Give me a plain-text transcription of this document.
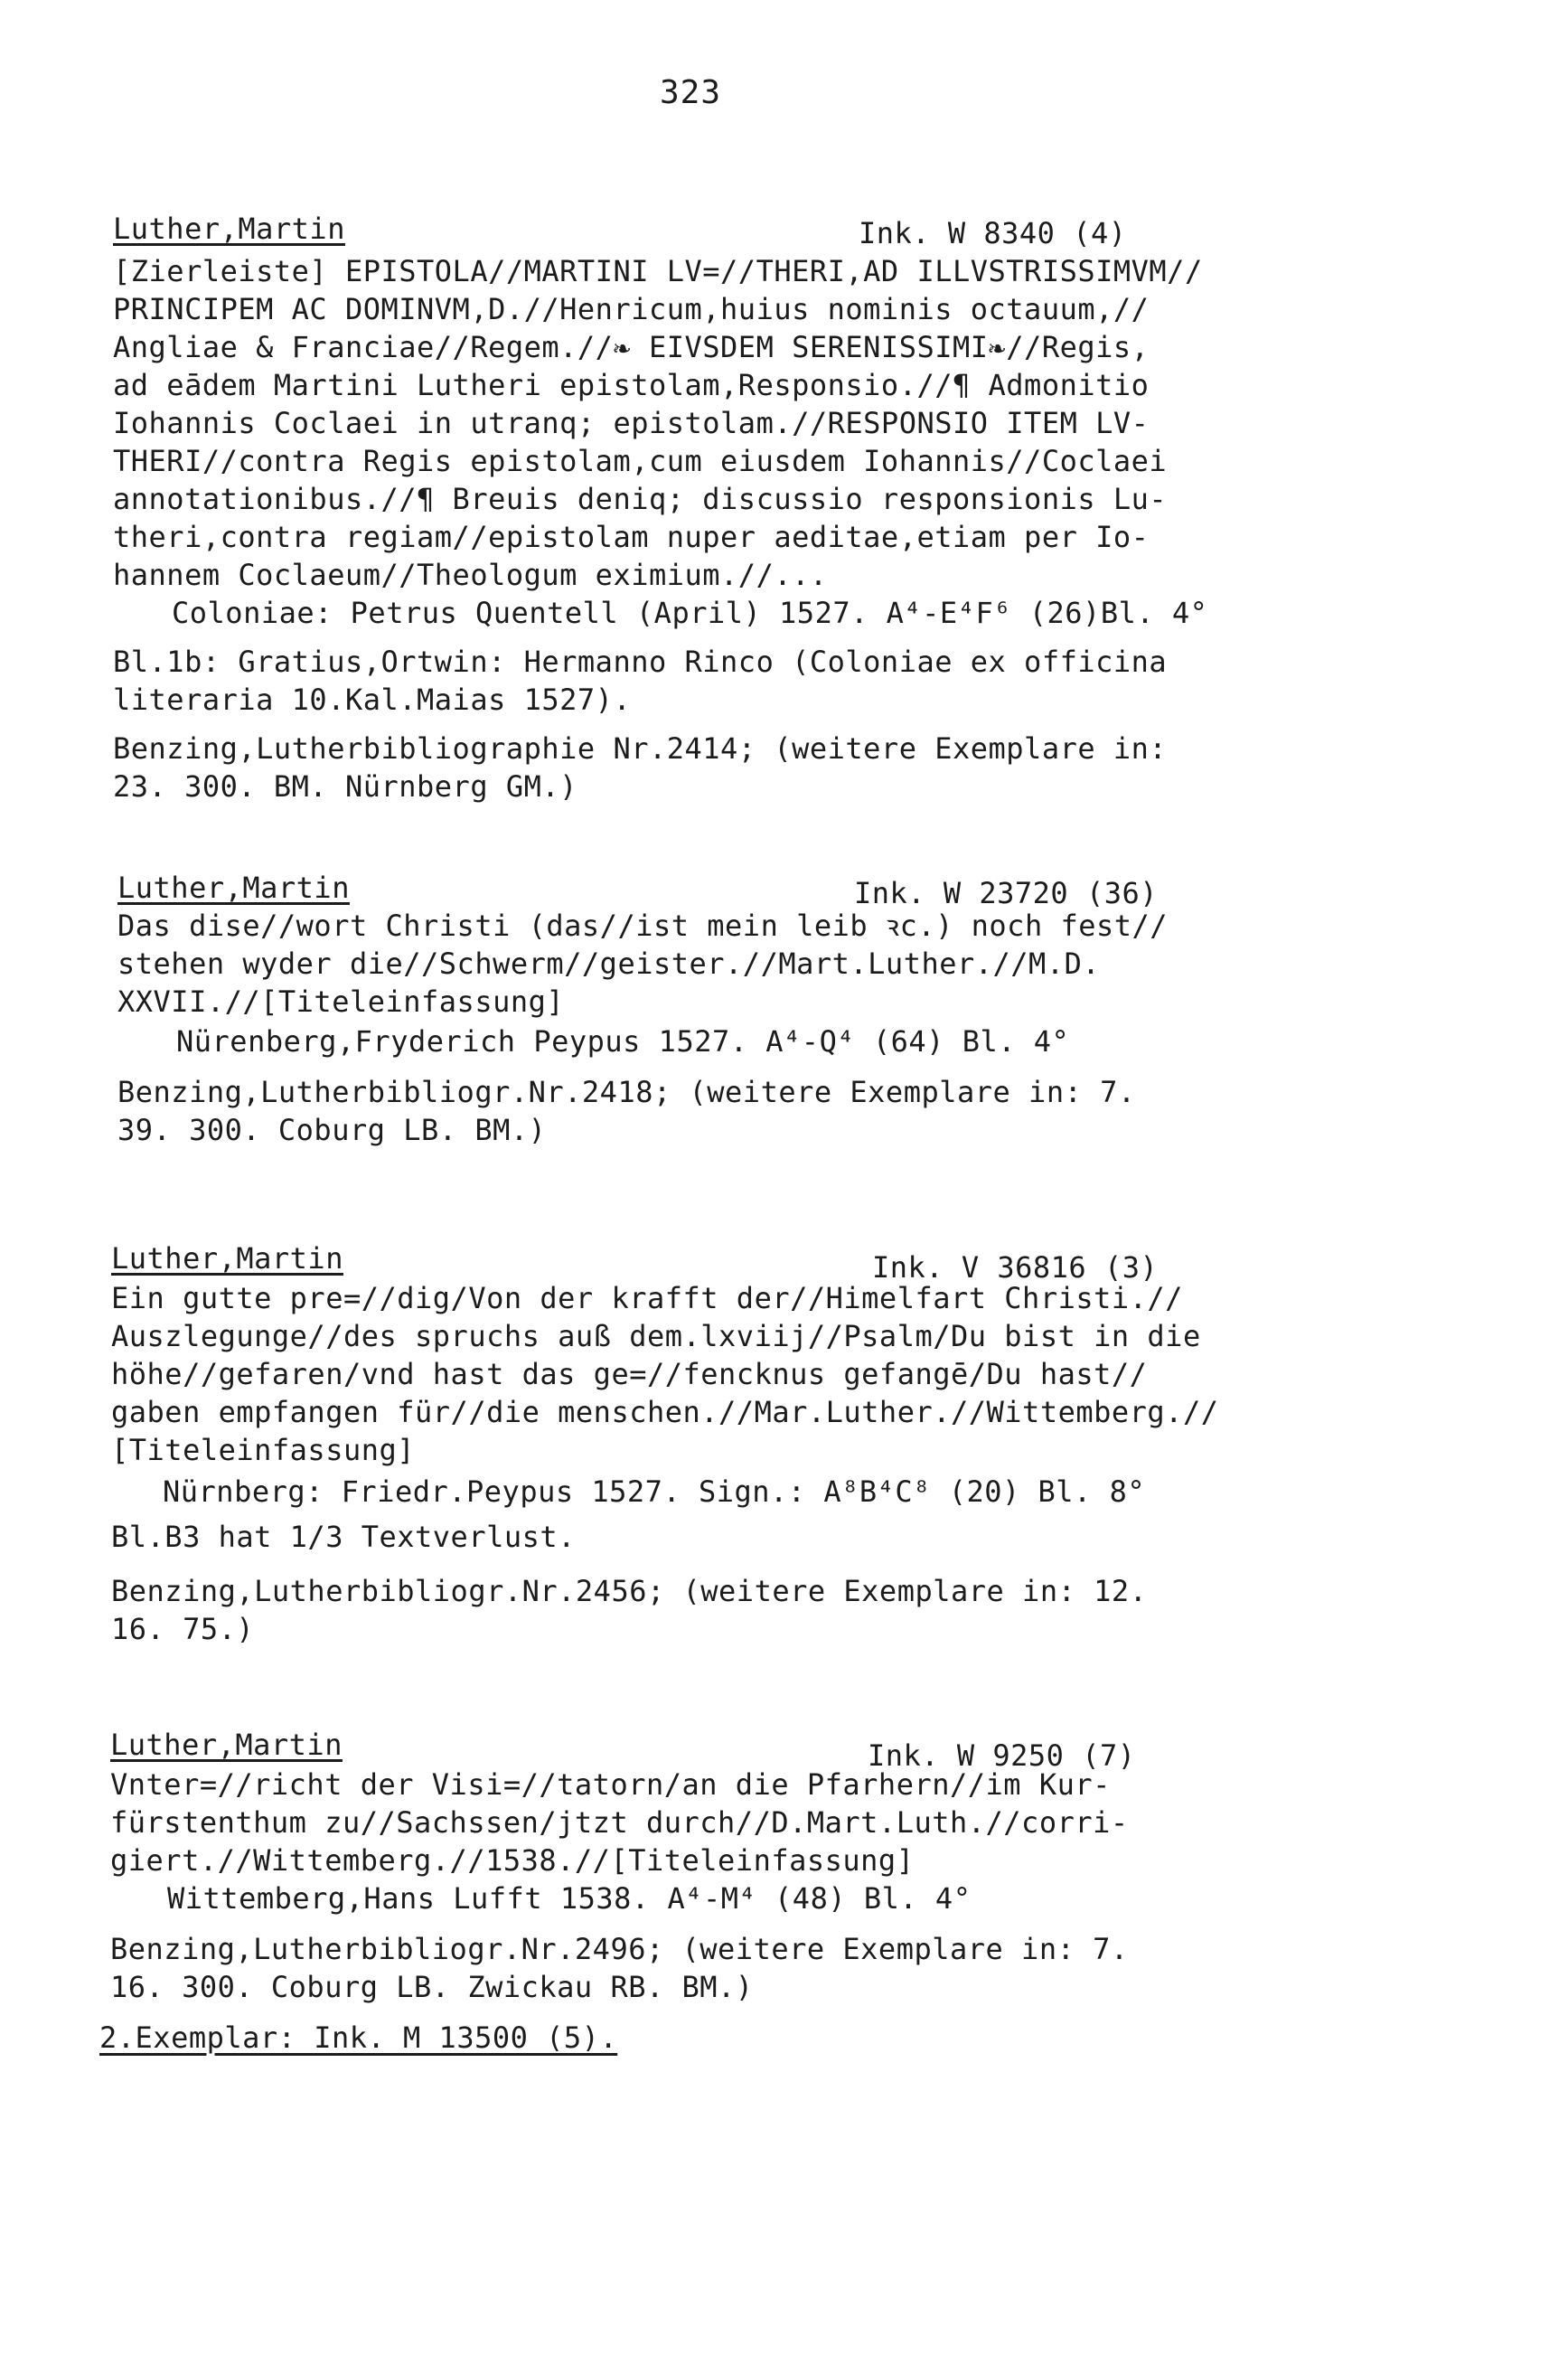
323
Luther,Martin	Ink. W 8340 (4)
[Zierleiste] EPISTOLA//MARTINI LV=//THERI,AD ILLVSTRISSIMVM//
PRINCIPEM AC DOMINVM,D.//Henricum,huius nominis octauum,//
Angliae & Franciae//Regem.//❧ EIVSDEM SERENISSIMI❧//Regis,
ad eādem Martini Lutheri epistolam,Responsio.//¶ Admonitio
Iohannis Coclaei in utranq; epistolam.//RESPONSIO ITEM LV-
THERI//contra Regis epistolam,cum eiusdem Iohannis//Coclaei
annotationibus.//¶ Breuis deniq; discussio responsionis Lu-
theri,contra regiam//epistolam nuper aeditae,etiam per Io-
hannem Coclaeum//Theologum eximium.//...
Coloniae: Petrus Quentell (April) 1527. A⁴-E⁴F⁶ (26)Bl. 4°
Bl.1b: Gratius,Ortwin: Hermanno Rinco (Coloniae ex officina
literaria 10.Kal.Maias 1527).
Benzing,Lutherbibliographie Nr.2414; (weitere Exemplare in:
23. 300. BM. Nürnberg GM.)
Luther,Martin	Ink. W 23720 (36)
Das dise//wort Christi (das//ist mein leib ꝛc.) noch fest//
stehen wyder die//Schwerm//geister.//Mart.Luther.//M.D.
XXVII.//[Titeleinfassung]
Nürenberg,Fryderich Peypus 1527. A⁴-Q⁴ (64) Bl. 4°
Benzing,Lutherbibliogr.Nr.2418; (weitere Exemplare in: 7.
39. 300. Coburg LB. BM.)
Luther,Martin	Ink. V 36816 (3)
Ein gutte pre=//dig/Von der krafft der//Himelfart Christi.//
Auszlegunge//des spruchs auß dem.lxviij//Psalm/Du bist in die
höhe//gefaren/vnd hast das ge=//fencknus gefangē/Du hast//
gaben empfangen für//die menschen.//Mar.Luther.//Wittemberg.//
[Titeleinfassung]
Nürnberg: Friedr.Peypus 1527. Sign.: A⁸B⁴C⁸ (20) Bl. 8°
Bl.B3 hat 1/3 Textverlust.
Benzing,Lutherbibliogr.Nr.2456; (weitere Exemplare in: 12.
16. 75.)
Luther,Martin	Ink. W 9250 (7)
Vnter=//richt der Visi=//tatorn/an die Pfarhern//im Kur-
fürstenthum zu//Sachssen/jtzt durch//D.Mart.Luth.//corri-
giert.//Wittemberg.//1538.//[Titeleinfassung]
Wittemberg,Hans Lufft 1538. A⁴-M⁴ (48) Bl. 4°
Benzing,Lutherbibliogr.Nr.2496; (weitere Exemplare in: 7.
16. 300. Coburg LB. Zwickau RB. BM.)
2.Exemplar: Ink. M 13500 (5).
